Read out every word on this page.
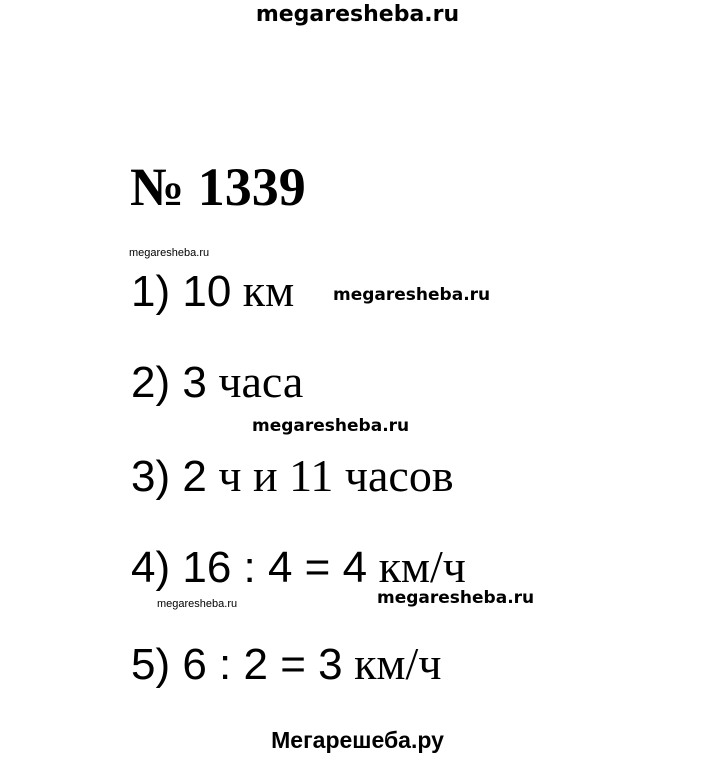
megaresheba.ru
№ 1339
megaresheba.ru
1) 10 км megaresheba.ru
2) 3 часа
megaresheba.ru
3) 2 ч и 11 часов
4) 16 : 4 = 4 км/ч
megaresheba.ru	megaresheba.ru
5) 6 : 2 = 3 км/ч
Мегарешеба.ру
